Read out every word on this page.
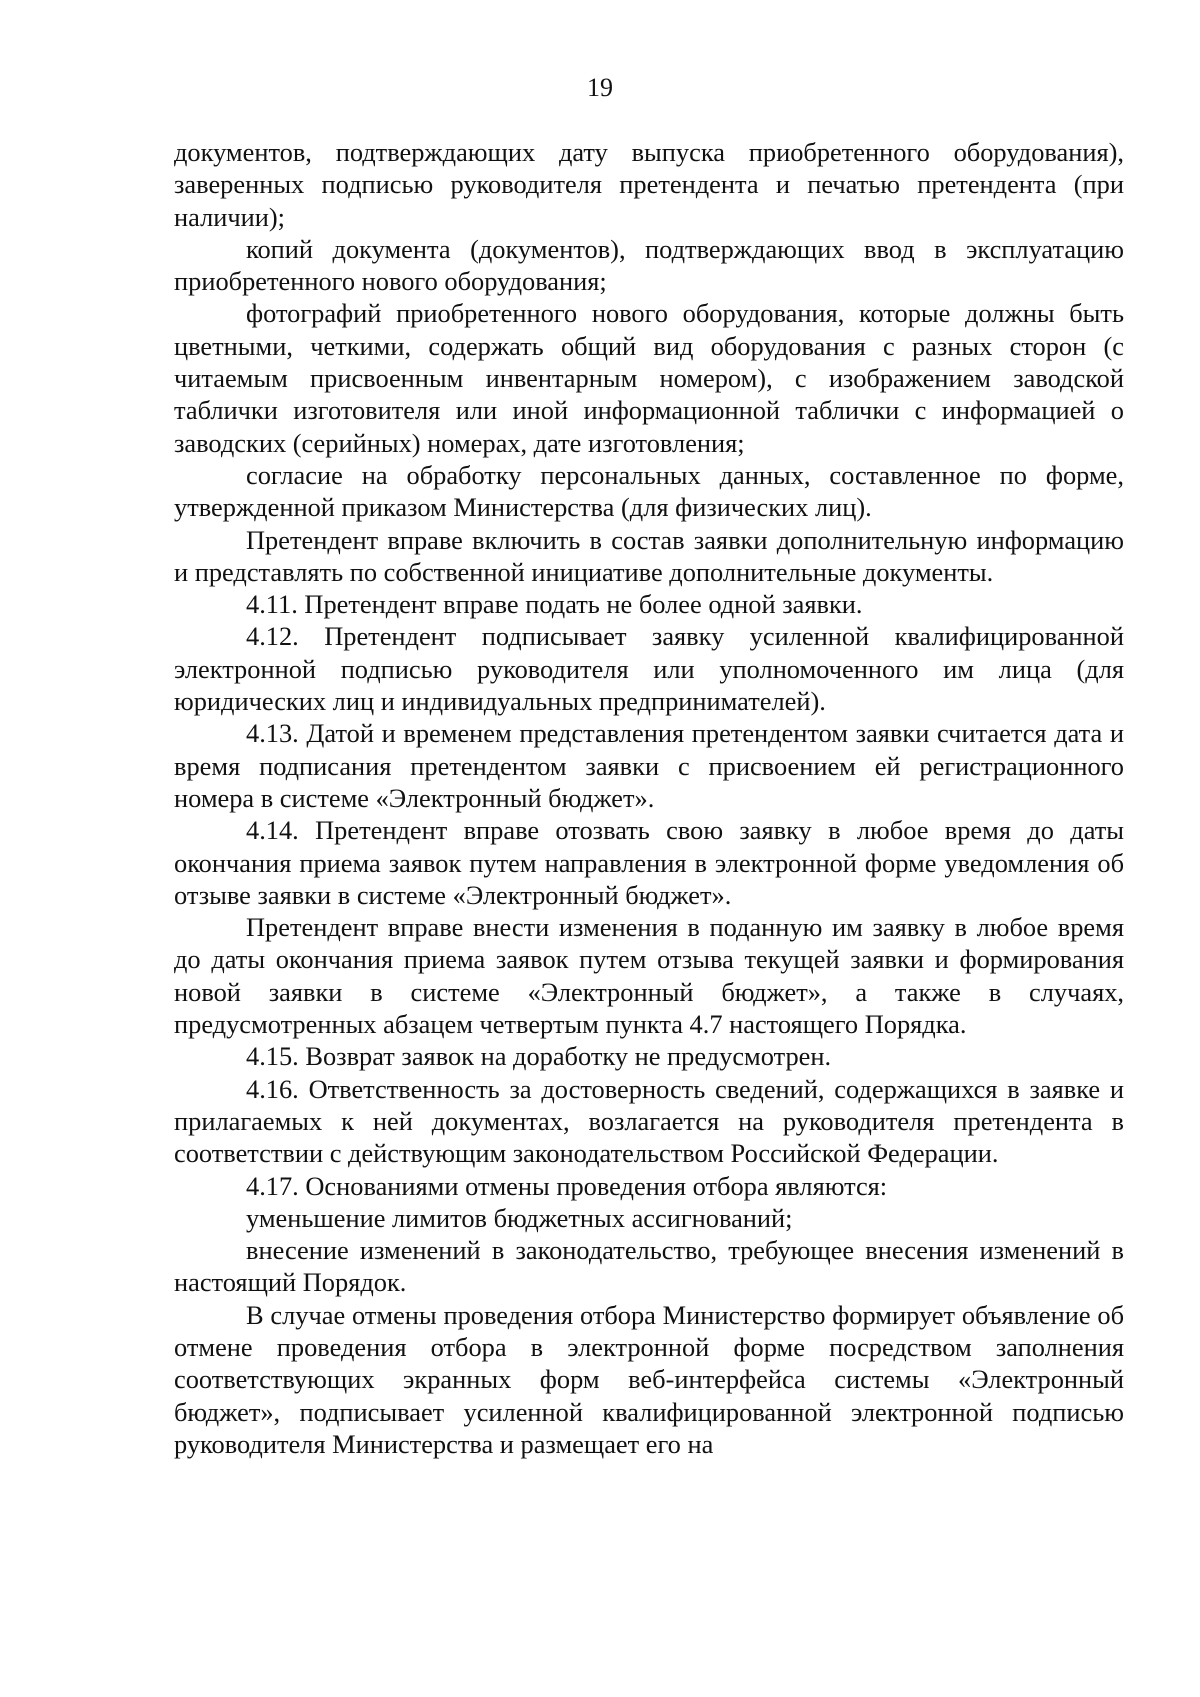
19

документов, подтверждающих дату выпуска приобретенного оборудования), заверенных подписью руководителя претендента и печатью претендента (при наличии);

копий документа (документов), подтверждающих ввод в эксплуатацию приобретенного нового оборудования;

фотографий приобретенного нового оборудования, которые должны быть цветными, четкими, содержать общий вид оборудования с разных сторон (с читаемым присвоенным инвентарным номером), с изображением заводской таблички изготовителя или иной информационной таблички с информацией о заводских (серийных) номерах, дате изготовления;

согласие на обработку персональных данных, составленное по форме, утвержденной приказом Министерства (для физических лиц).

Претендент вправе включить в состав заявки дополнительную информацию и представлять по собственной инициативе дополнительные документы.

4.11. Претендент вправе подать не более одной заявки.

4.12. Претендент подписывает заявку усиленной квалифицированной электронной подписью руководителя или уполномоченного им лица (для юридических лиц и индивидуальных предпринимателей).

4.13. Датой и временем представления претендентом заявки считается дата и время подписания претендентом заявки с присвоением ей регистрационного номера в системе «Электронный бюджет».

4.14. Претендент вправе отозвать свою заявку в любое время до даты окончания приема заявок путем направления в электронной форме уведомления об отзыве заявки в системе «Электронный бюджет».

Претендент вправе внести изменения в поданную им заявку в любое время до даты окончания приема заявок путем отзыва текущей заявки и формирования новой заявки в системе «Электронный бюджет», а также в случаях, предусмотренных абзацем четвертым пункта 4.7 настоящего Порядка.

4.15. Возврат заявок на доработку не предусмотрен.

4.16. Ответственность за достоверность сведений, содержащихся в заявке и прилагаемых к ней документах, возлагается на руководителя претендента в соответствии с действующим законодательством Российской Федерации.

4.17. Основаниями отмены проведения отбора являются:

уменьшение лимитов бюджетных ассигнований;

внесение изменений в законодательство, требующее внесения изменений в настоящий Порядок.

В случае отмены проведения отбора Министерство формирует объявление об отмене проведения отбора в электронной форме посредством заполнения соответствующих экранных форм веб-интерфейса системы «Электронный бюджет», подписывает усиленной квалифицированной электронной подписью руководителя Министерства и размещает его на
